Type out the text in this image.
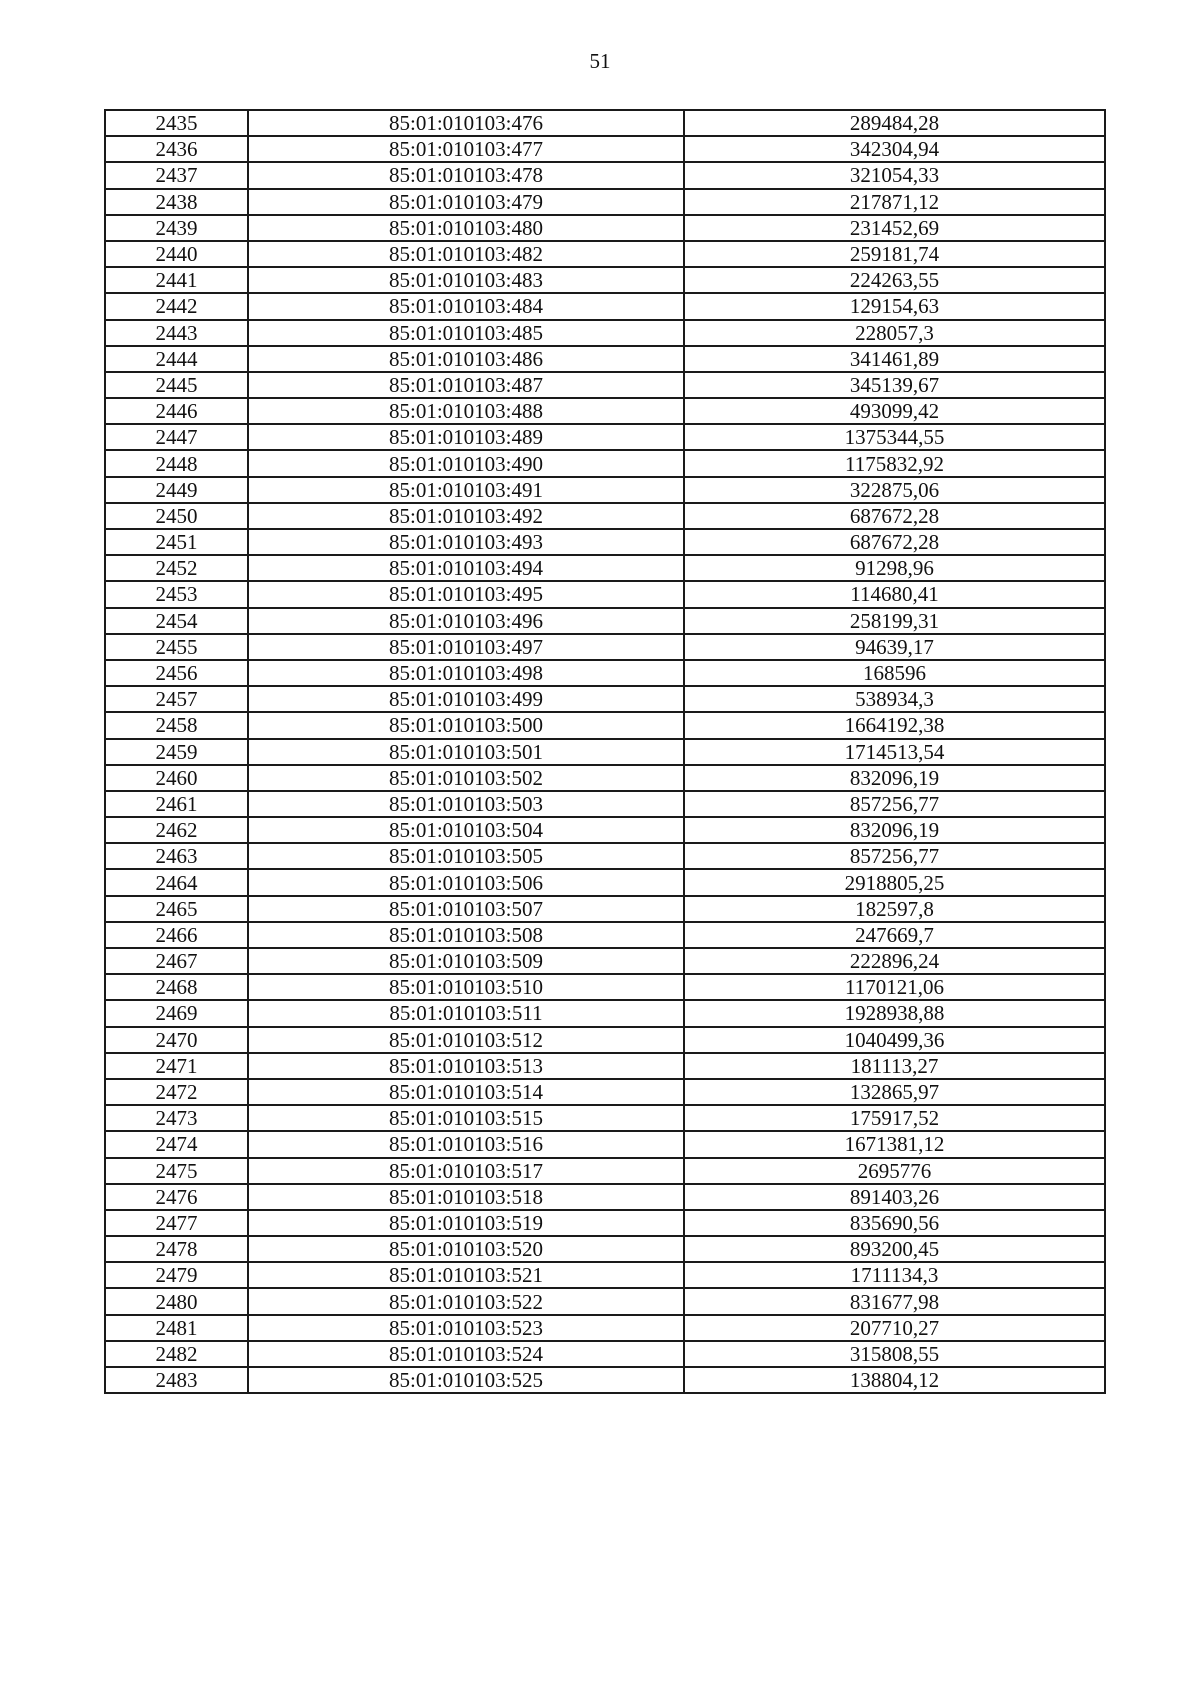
51
2435	85:01:010103:476	289484,28
2436	85:01:010103:477	342304,94
2437	85:01:010103:478	321054,33
2438	85:01:010103:479	217871,12
2439	85:01:010103:480	231452,69
2440	85:01:010103:482	259181,74
2441	85:01:010103:483	224263,55
2442	85:01:010103:484	129154,63
2443	85:01:010103:485	228057,3
2444	85:01:010103:486	341461,89
2445	85:01:010103:487	345139,67
2446	85:01:010103:488	493099,42
2447	85:01:010103:489	1375344,55
2448	85:01:010103:490	1175832,92
2449	85:01:010103:491	322875,06
2450	85:01:010103:492	687672,28
2451	85:01:010103:493	687672,28
2452	85:01:010103:494	91298,96
2453	85:01:010103:495	114680,41
2454	85:01:010103:496	258199,31
2455	85:01:010103:497	94639,17
2456	85:01:010103:498	168596
2457	85:01:010103:499	538934,3
2458	85:01:010103:500	1664192,38
2459	85:01:010103:501	1714513,54
2460	85:01:010103:502	832096,19
2461	85:01:010103:503	857256,77
2462	85:01:010103:504	832096,19
2463	85:01:010103:505	857256,77
2464	85:01:010103:506	2918805,25
2465	85:01:010103:507	182597,8
2466	85:01:010103:508	247669,7
2467	85:01:010103:509	222896,24
2468	85:01:010103:510	1170121,06
2469	85:01:010103:511	1928938,88
2470	85:01:010103:512	1040499,36
2471	85:01:010103:513	181113,27
2472	85:01:010103:514	132865,97
2473	85:01:010103:515	175917,52
2474	85:01:010103:516	1671381,12
2475	85:01:010103:517	2695776
2476	85:01:010103:518	891403,26
2477	85:01:010103:519	835690,56
2478	85:01:010103:520	893200,45
2479	85:01:010103:521	1711134,3
2480	85:01:010103:522	831677,98
2481	85:01:010103:523	207710,27
2482	85:01:010103:524	315808,55
2483	85:01:010103:525	138804,12
